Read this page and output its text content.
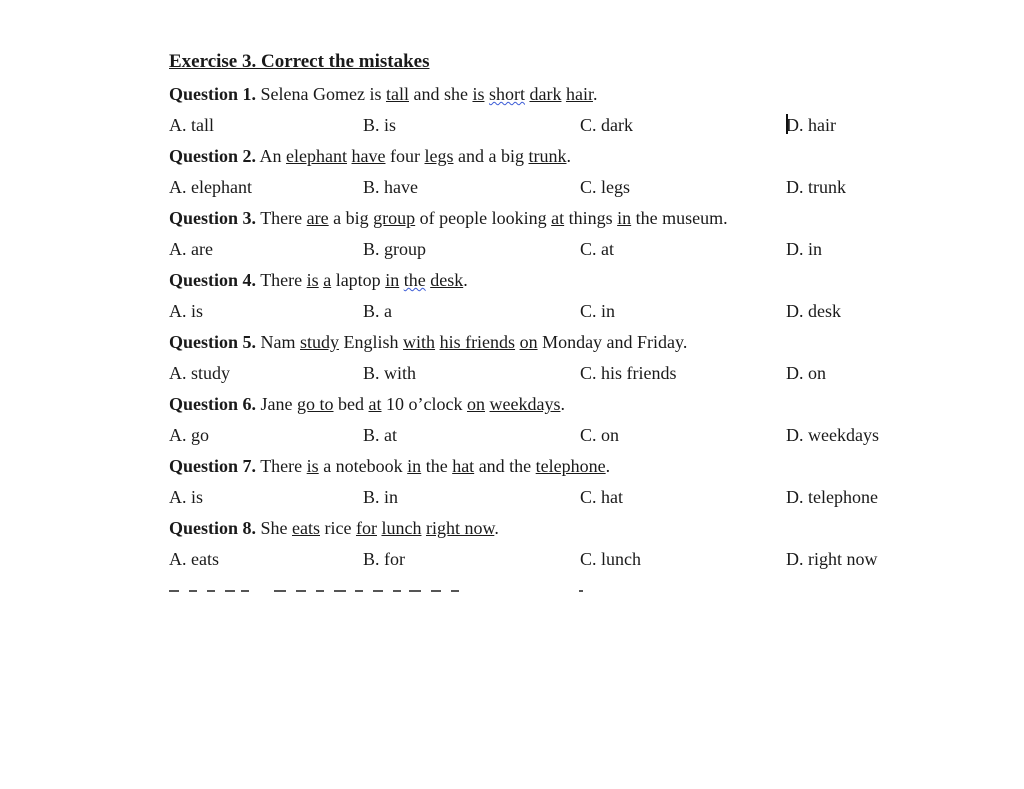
Exercise 3. Correct the mistakes
Question 1. Selena Gomez is tall and she is short dark hair.
A. tall	B. is	C. dark	D. hair
Question 2. An elephant have four legs and a big trunk.
A. elephant	B. have	C. legs	D. trunk
Question 3. There are a big group of people looking at things in the museum.
A. are	B. group	C. at	D. in
Question 4. There is a laptop in the desk.
A. is	B. a	C. in	D. desk
Question 5. Nam study English with his friends on Monday and Friday.
A. study	B. with	C. his friends	D. on
Question 6. Jane go to bed at 10 o’clock on weekdays.
A. go	B. at	C. on	D. weekdays
Question 7. There is a notebook in the hat and the telephone.
A. is	B. in	C. hat	D. telephone
Question 8. She eats rice for lunch right now.
A. eats	B. for	C. lunch	D. right now
